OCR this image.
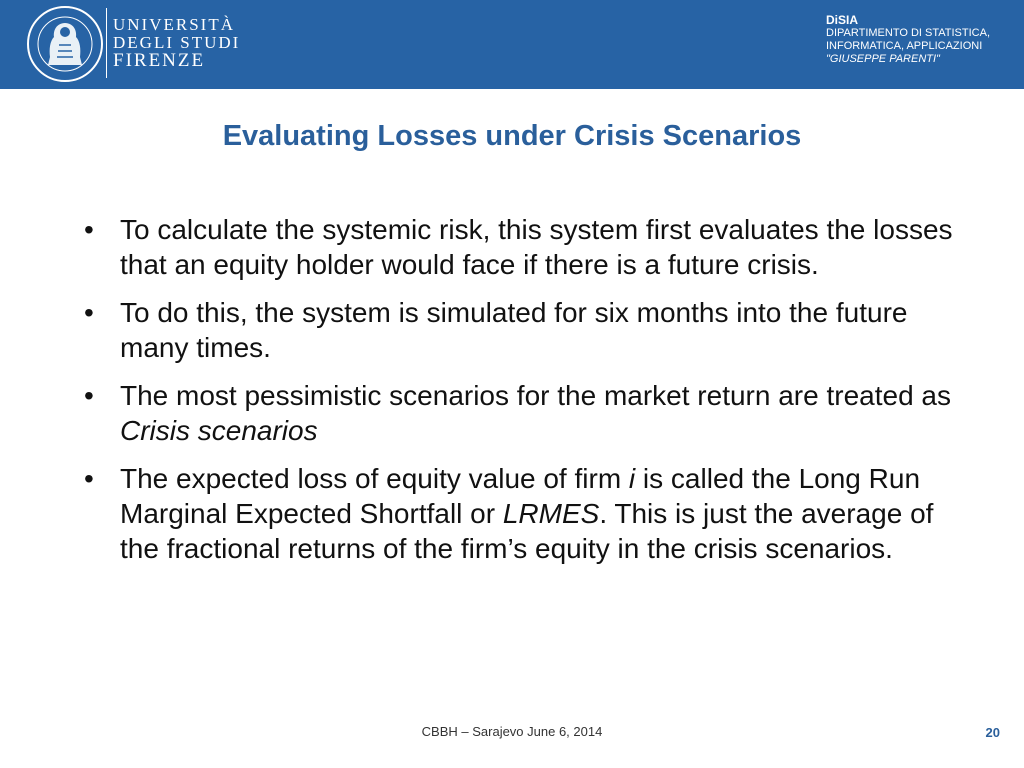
UNIVERSITÀ
DEGLI STUDI
FIRENZE
DiSIA
DIPARTIMENTO DI STATISTICA,
INFORMATICA, APPLICAZIONI
"GIUSEPPE PARENTI"
Evaluating Losses under Crisis Scenarios
• To calculate the systemic risk, this system first evaluates the losses that an equity holder would face if there is a future crisis.
• To do this, the system is simulated for six months into the future many times.
• The most pessimistic scenarios for the market return are treated as Crisis scenarios
• The expected loss of equity value of firm i is called the Long Run Marginal Expected Shortfall or LRMES. This is just the average of the fractional returns of the firm’s equity in the crisis scenarios.
CBBH – Sarajevo June 6, 2014	20
